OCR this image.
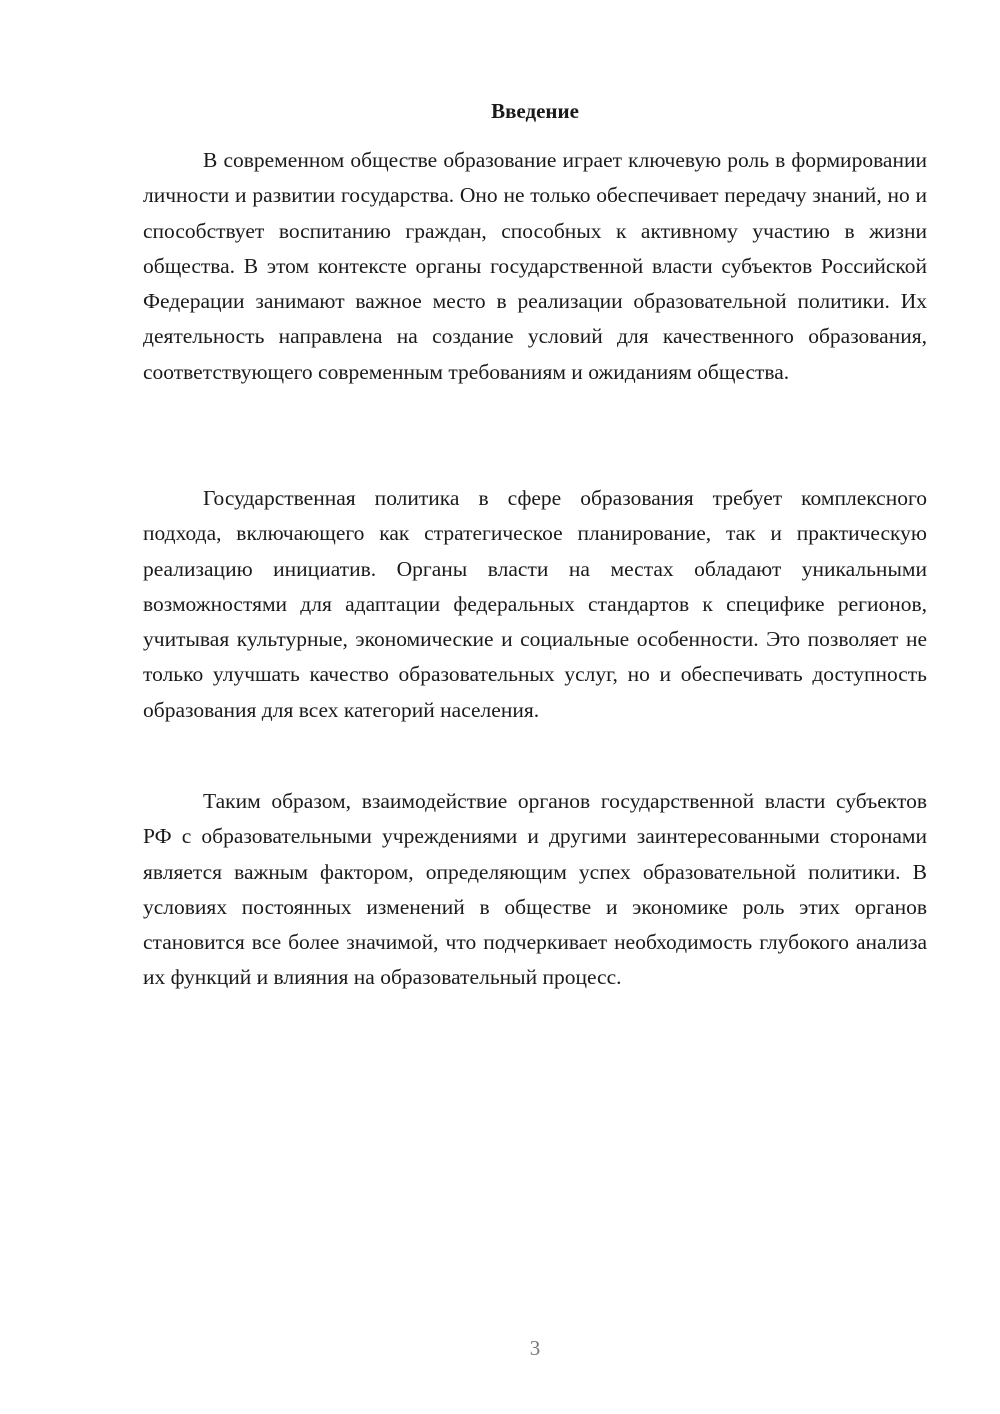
Введение

В современном обществе образование играет ключевую роль в формировании личности и развитии государства. Оно не только обеспечивает передачу знаний, но и способствует воспитанию граждан, способных к активному участию в жизни общества. В этом контексте органы государственной власти субъектов Российской Федерации занимают важное место в реализации образовательной политики. Их деятельность направлена на создание условий для качественного образования, соответствующего современным требованиям и ожиданиям общества.

Государственная политика в сфере образования требует комплексного подхода, включающего как стратегическое планирование, так и практическую реализацию инициатив. Органы власти на местах обладают уникальными возможностями для адаптации федеральных стандартов к специфике регионов, учитывая культурные, экономические и социальные особенности. Это позволяет не только улучшать качество образовательных услуг, но и обеспечивать доступность образования для всех категорий населения.

Таким образом, взаимодействие органов государственной власти субъектов РФ с образовательными учреждениями и другими заинтересованными сторонами является важным фактором, определяющим успех образовательной политики. В условиях постоянных изменений в обществе и экономике роль этих органов становится все более значимой, что подчеркивает необходимость глубокого анализа их функций и влияния на образовательный процесс.

3
